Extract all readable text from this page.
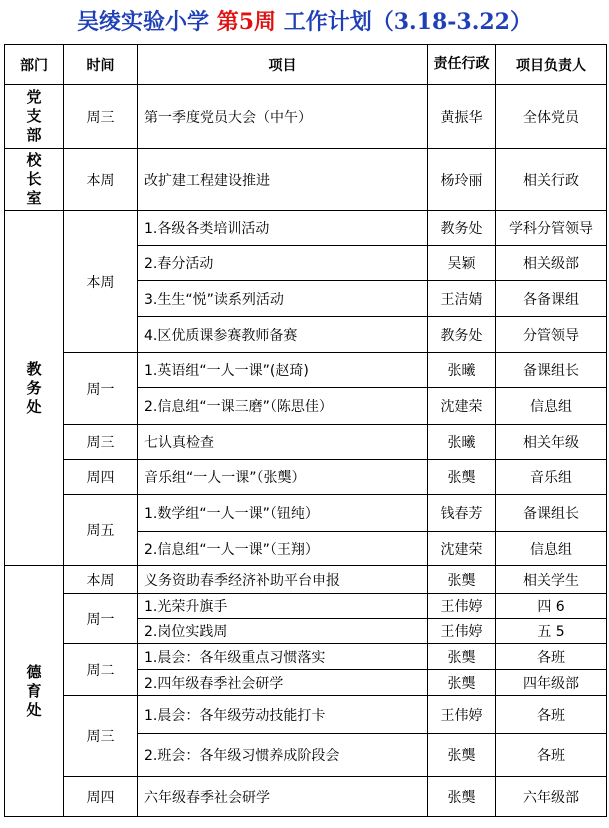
吴绫实验小学 第5周 工作计划（3.18-3.22）
部门	时间	项目	责任行政	项目负责人

党
支
部	周三	第一季度党员大会（中午）	黄振华	全体党员

校
长
室	本周	改扩建工程建设推进	杨玲丽	相关行政

教
务
处	本周	1.各级各类培训活动	教务处	学科分管领导
		2.春分活动	吴颖	相关级部
		3.生生“悦”读系列活动	王洁婧	各备课组
		4.区优质课参赛教师备赛	教务处	分管领导
	周一	1.英语组“一人一课”(赵琦)	张曦	备课组长
		2.信息组“一课三磨”（陈思佳）	沈建荣	信息组
	周三	七认真检查	张曦	相关年级
	周四	音乐组“一人一课”（张龑）	张龑	音乐组
	周五	1.数学组“一人一课”（钮纯）	钱春芳	备课组长
		2.信息组“一人一课”（王翔）	沈建荣	信息组

德
育
处	本周	义务资助春季经济补助平台申报	张龑	相关学生
	周一	1.光荣升旗手	王伟婷	四 6
		2.岗位实践周	王伟婷	五 5
	周二	1.晨会：各年级重点习惯落实	张龑	各班
		2.四年级春季社会研学	张龑	四年级部
	周三	1.晨会：各年级劳动技能打卡	王伟婷	各班
		2.班会：各年级习惯养成阶段会	张龑	各班
	周四	六年级春季社会研学	张龑	六年级部
